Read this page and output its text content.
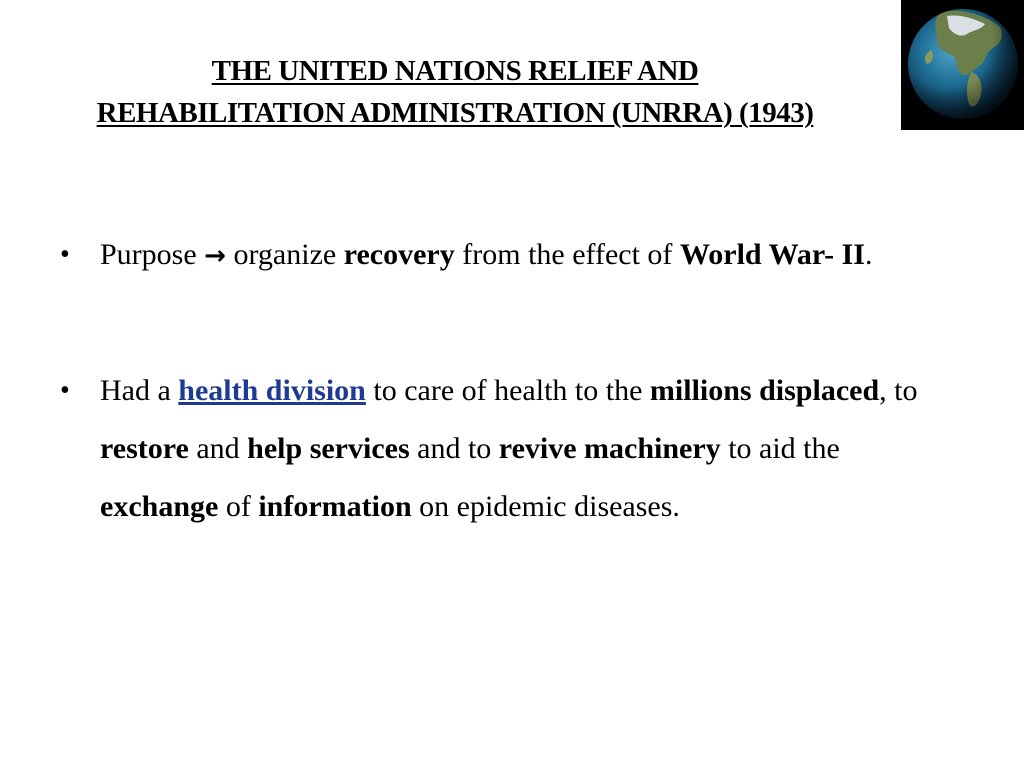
THE UNITED NATIONS RELIEF AND
REHABILITATION ADMINISTRATION (UNRRA) (1943)
• Purpose → organize recovery from the effect of World War- II.
• Had a health division to care of health to the millions displaced, to restore and help services and to revive machinery to aid the exchange of information on epidemic diseases.
